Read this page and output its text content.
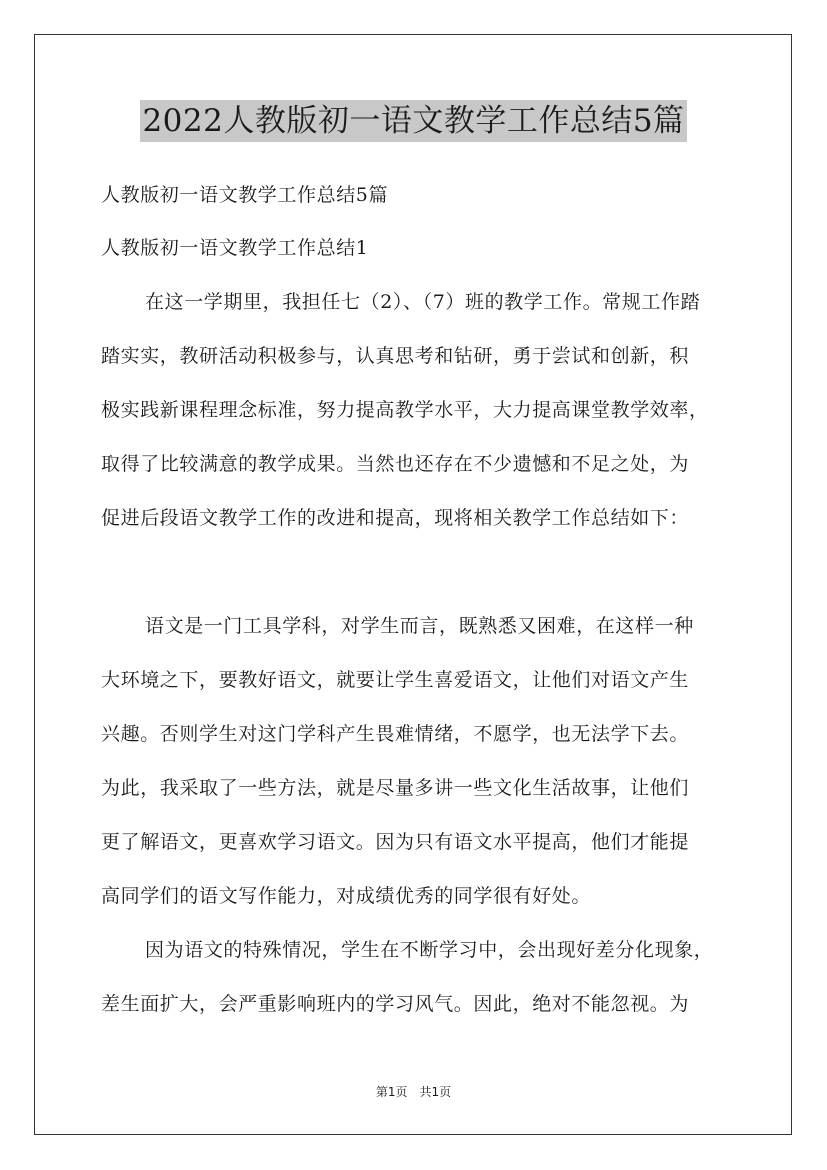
2022人教版初一语文教学工作总结5篇
人教版初一语文教学工作总结5篇
人教版初一语文教学工作总结1
在这一学期里，我担任七（2）、（7）班的教学工作。常规工作踏
踏实实，教研活动积极参与，认真思考和钻研，勇于尝试和创新，积
极实践新课程理念标准，努力提高教学水平，大力提高课堂教学效率，
取得了比较满意的教学成果。当然也还存在不少遗憾和不足之处，为
促进后段语文教学工作的改进和提高，现将相关教学工作总结如下：
语文是一门工具学科，对学生而言，既熟悉又困难，在这样一种
大环境之下，要教好语文，就要让学生喜爱语文，让他们对语文产生
兴趣。否则学生对这门学科产生畏难情绪，不愿学，也无法学下去。
为此，我采取了一些方法，就是尽量多讲一些文化生活故事，让他们
更了解语文，更喜欢学习语文。因为只有语文水平提高，他们才能提
高同学们的语文写作能力，对成绩优秀的同学很有好处。
因为语文的特殊情况，学生在不断学习中，会出现好差分化现象，
差生面扩大，会严重影响班内的学习风气。因此，绝对不能忽视。为
第1页　共1页
